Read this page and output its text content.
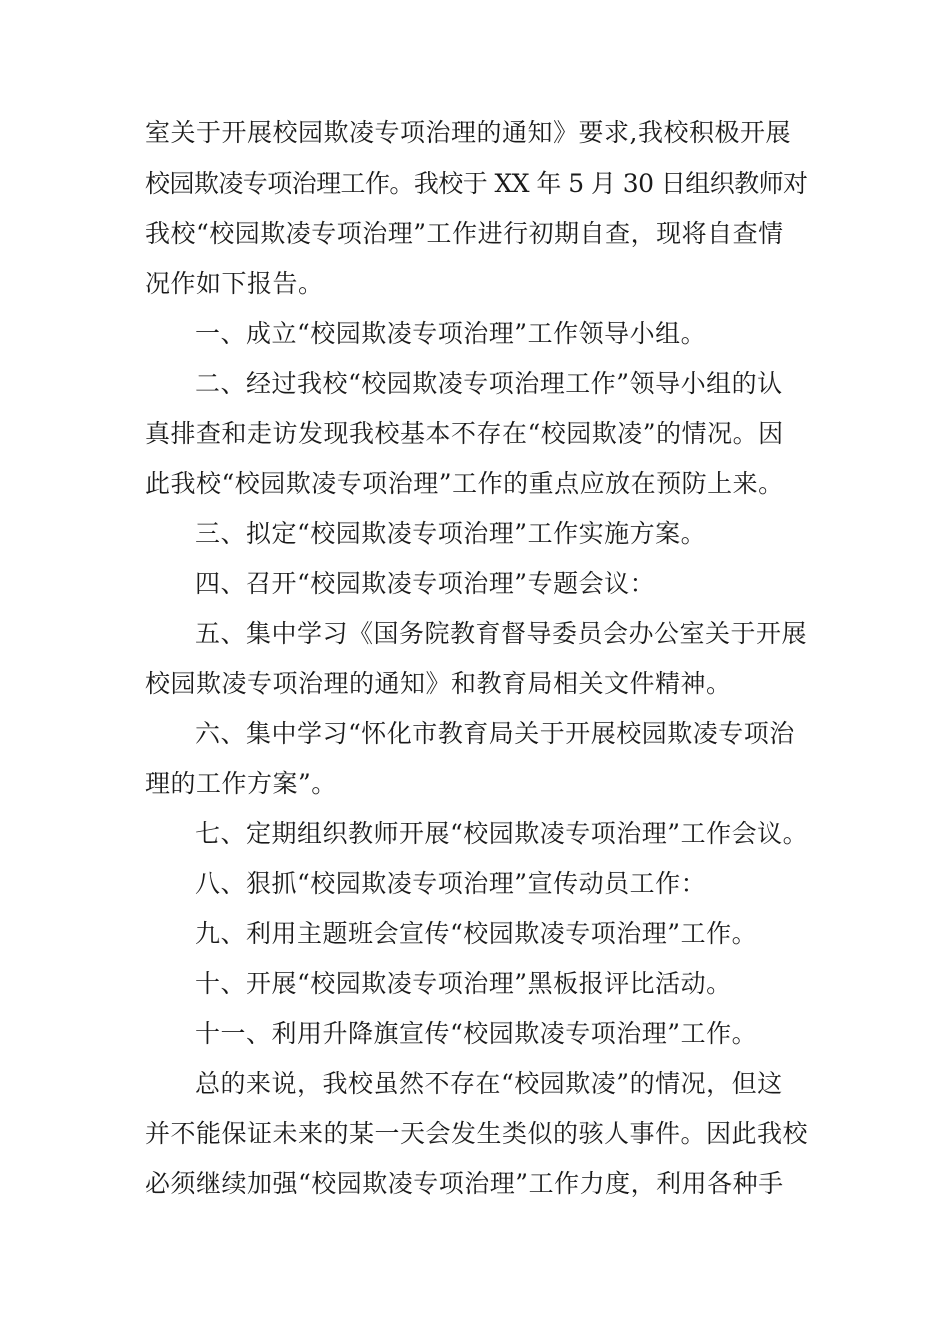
室关于开展校园欺凌专项治理的通知》要求,我校积极开展
校园欺凌专项治理工作。我校于 XX 年 5 月 30 日组织教师对
我校“校园欺凌专项治理”工作进行初期自查，现将自查情
况作如下报告。
一、成立“校园欺凌专项治理”工作领导小组。
二、经过我校“校园欺凌专项治理工作”领导小组的认
真排查和走访发现我校基本不存在“校园欺凌”的情况。因
此我校“校园欺凌专项治理”工作的重点应放在预防上来。
三、拟定“校园欺凌专项治理”工作实施方案。
四、召开“校园欺凌专项治理”专题会议：
五、集中学习《国务院教育督导委员会办公室关于开展
校园欺凌专项治理的通知》和教育局相关文件精神。
六、集中学习“怀化市教育局关于开展校园欺凌专项治
理的工作方案”。
七、定期组织教师开展“校园欺凌专项治理”工作会议。
八、狠抓“校园欺凌专项治理”宣传动员工作：
九、利用主题班会宣传“校园欺凌专项治理”工作。
十、开展“校园欺凌专项治理”黑板报评比活动。
十一、利用升降旗宣传“校园欺凌专项治理”工作。
总的来说，我校虽然不存在“校园欺凌”的情况，但这
并不能保证未来的某一天会发生类似的骇人事件。因此我校
必须继续加强“校园欺凌专项治理”工作力度，利用各种手
